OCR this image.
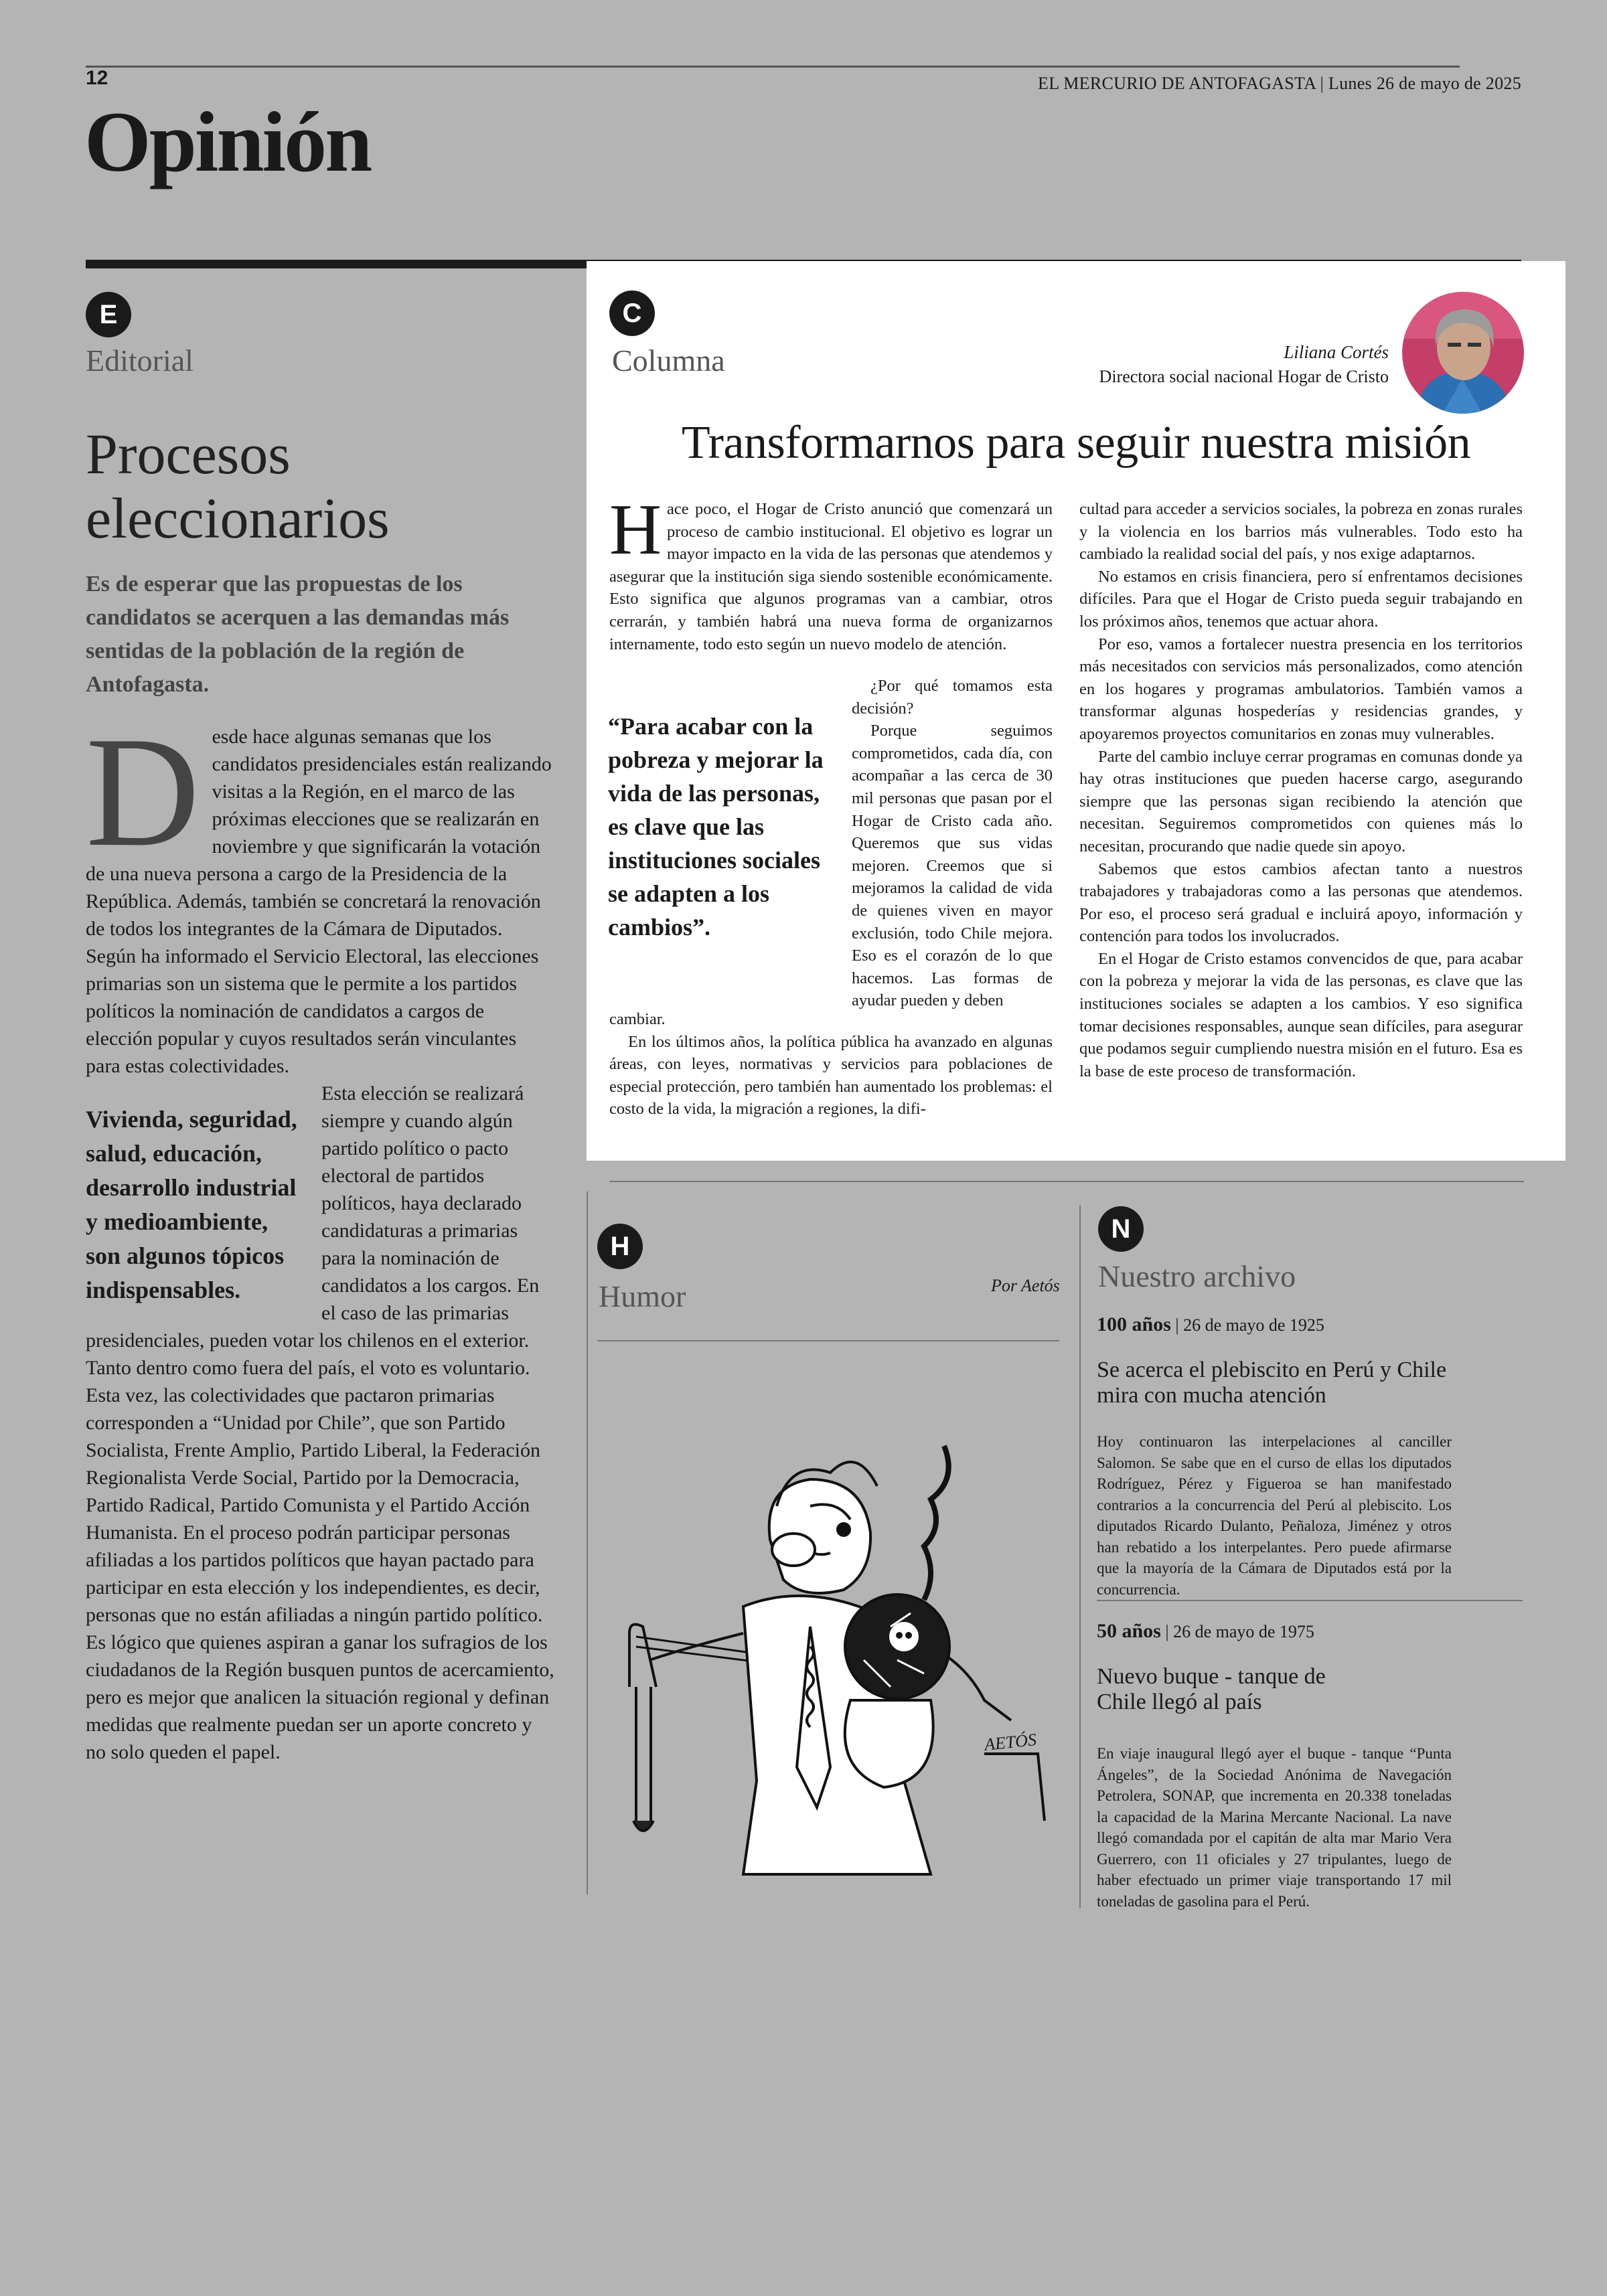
12	EL MERCURIO DE ANTOFAGASTA | Lunes 26 de mayo de 2025
Opinión
E
Editorial
Procesos eleccionarios
Es de esperar que las propuestas de los candidatos se acerquen a las demandas más sentidas de la población de la región de Antofagasta.

Desde hace algunas semanas que los candidatos presidenciales están realizando visitas a la Región, en el marco de las próximas elecciones que se realizarán en noviembre y que significarán la votación de una nueva persona a cargo de la Presidencia de la República. Además, también se concretará la renovación de todos los integrantes de la Cámara de Diputados.

Según ha informado el Servicio Electoral, las elecciones primarias son un sistema que le permite a los partidos políticos la nominación de candidatos a cargos de elección popular y cuyos resultados serán vinculantes para estas colectividades.

Vivienda, seguridad, salud, educación, desarrollo industrial y medioambiente, son algunos tópicos indispensables.
Esta elección se realizará siempre y cuando algún partido político o pacto electoral de partidos políticos, haya declarado candidaturas a primarias para la nominación de candidatos a los cargos. En el caso de las primarias presidenciales, pueden votar los chilenos en el exterior. Tanto dentro como fuera del país, el voto es voluntario.

Esta vez, las colectividades que pactaron primarias corresponden a “Unidad por Chile”, que son Partido Socialista, Frente Amplio, Partido Liberal, la Federación Regionalista Verde Social, Partido por la Democracia, Partido Radical, Partido Comunista y el Partido Acción Humanista. En el proceso podrán participar personas afiliadas a los partidos políticos que hayan pactado para participar en esta elección y los independientes, es decir, personas que no están afiliadas a ningún partido político.

Es lógico que quienes aspiran a ganar los sufragios de los ciudadanos de la Región busquen puntos de acercamiento, pero es mejor que analicen la situación regional y definan medidas que realmente puedan ser un aporte concreto y no solo queden el papel.

C
Columna	Liliana Cortés
Directora social nacional Hogar de Cristo
Transformarnos para seguir nuestra misión

Hace poco, el Hogar de Cristo anunció que comenzará un proceso de cambio institucional. El objetivo es lograr un mayor impacto en la vida de las personas que atendemos y asegurar que la institución siga siendo sostenible económicamente. Esto significa que algunos programas van a cambiar, otros cerrarán, y también habrá una nueva forma de organizarnos internamente, todo esto según un nuevo modelo de atención.

“Para acabar con la pobreza y mejorar la vida de las personas, es clave que las instituciones sociales se adapten a los cambios”.

¿Por qué tomamos esta decisión?

Porque seguimos comprometidos, cada día, con acompañar a las cerca de 30 mil personas que pasan por el Hogar de Cristo cada año. Queremos que sus vidas mejoren. Creemos que si mejoramos la calidad de vida de quienes viven en mayor exclusión, todo Chile mejora. Eso es el corazón de lo que hacemos. Las formas de ayudar pueden y deben

cambiar.

En los últimos años, la política pública ha avanzado en algunas áreas, con leyes, normativas y servicios para poblaciones de especial protección, pero también han aumentado los problemas: el costo de la vida, la migración a regiones, la difi-

cultad para acceder a servicios sociales, la pobreza en zonas rurales y la violencia en los barrios más vulnerables. Todo esto ha cambiado la realidad social del país, y nos exige adaptarnos.

No estamos en crisis financiera, pero sí enfrentamos decisiones difíciles. Para que el Hogar de Cristo pueda seguir trabajando en los próximos años, tenemos que actuar ahora.

Por eso, vamos a fortalecer nuestra presencia en los territorios más necesitados con servicios más personalizados, como atención en los hogares y programas ambulatorios. También vamos a transformar algunas hospederías y residencias grandes, y apoyaremos proyectos comunitarios en zonas muy vulnerables.

Parte del cambio incluye cerrar programas en comunas donde ya hay otras instituciones que pueden hacerse cargo, asegurando siempre que las personas sigan recibiendo la atención que necesitan. Seguiremos comprometidos con quienes más lo necesitan, procurando que nadie quede sin apoyo.

Sabemos que estos cambios afectan tanto a nuestros trabajadores y trabajadoras como a las personas que atendemos. Por eso, el proceso será gradual e incluirá apoyo, información y contención para todos los involucrados.

En el Hogar de Cristo estamos convencidos de que, para acabar con la pobreza y mejorar la vida de las personas, es clave que las instituciones sociales se adapten a los cambios. Y eso significa tomar decisiones responsables, aunque sean difíciles, para asegurar que podamos seguir cumpliendo nuestra misión en el futuro. Esa es la base de este proceso de transformación.

H
Humor	Por Aetós
AETÓS
N
Nuestro archivo
100 años | 26 de mayo de 1925
Se acerca el plebiscito en Perú y Chile mira con mucha atención
Hoy continuaron las interpelaciones al canciller Salomon. Se sabe que en el curso de ellas los diputados Rodríguez, Pérez y Figueroa se han manifestado contrarios a la concurrencia del Perú al plebiscito. Los diputados Ricardo Dulanto, Peñaloza, Jiménez y otros han rebatido a los interpelantes. Pero puede afirmarse que la mayoría de la Cámara de Diputados está por la concurrencia.
50 años | 26 de mayo de 1975
Nuevo buque - tanque de Chile llegó al país
En viaje inaugural llegó ayer el buque - tanque “Punta Ángeles”, de la Sociedad Anónima de Navegación Petrolera, SONAP, que incrementa en 20.338 toneladas la capacidad de la Marina Mercante Nacional. La nave llegó comandada por el capitán de alta mar Mario Vera Guerrero, con 11 oficiales y 27 tripulantes, luego de haber efectuado un primer viaje transportando 17 mil toneladas de gasolina para el Perú.
